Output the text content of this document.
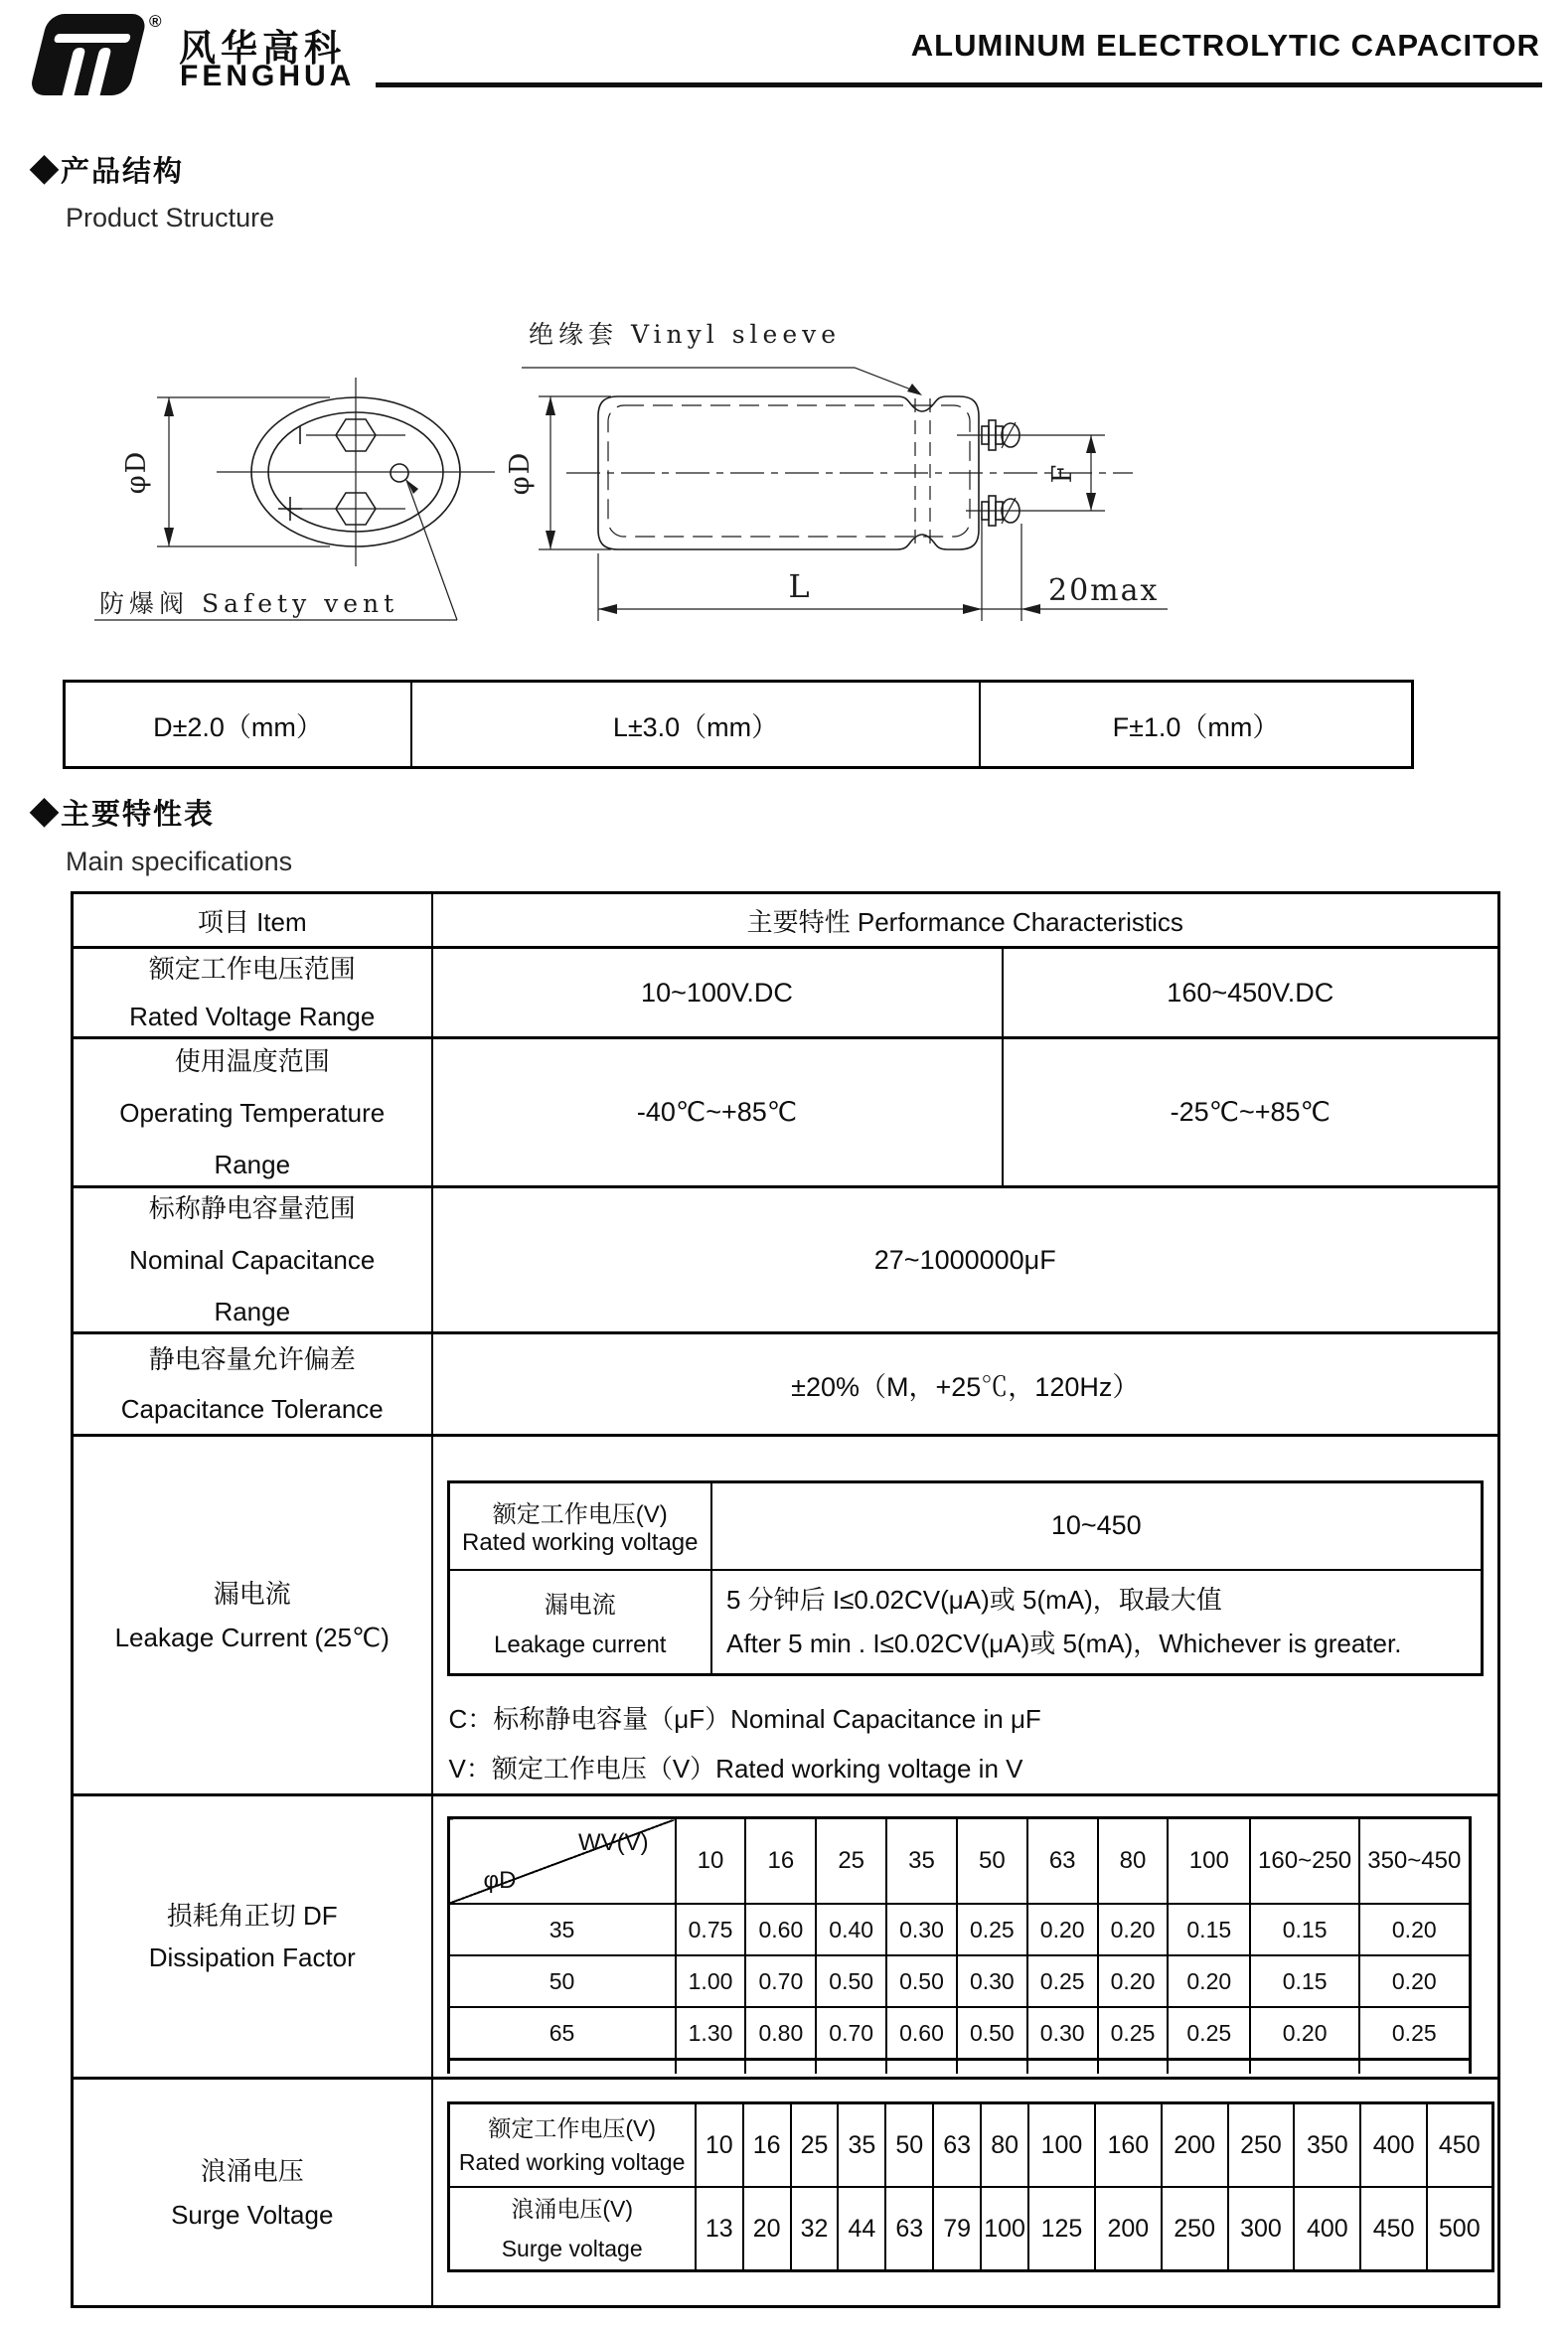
®
风华高科
FENGHUA
ALUMINUM ELECTROLYTIC CAPACITOR
◆产品结构
Product Structure
φD
绝缘套 Vinyl sleeve
φD	F
L	20max
防爆阀 Safety vent
D±2.0（mm）	L±3.0（mm）	F±1.0（mm）
◆主要特性表
Main specifications
项目 Item	主要特性 Performance Characteristics

额定工作电压范围
Rated Voltage Range
	10~100V.DC	160~450V.DC

使用温度范围
Operating Temperature
Range
	-40℃~+85℃	-25℃~+85℃

标称静电容量范围
Nominal Capacitance
Range
	27~1000000μF

静电容量允许偏差
Capacitance Tolerance
	±20%（M，+25℃，120Hz）

漏电流
Leakage Current (25℃)

额定工作电压(V)
Rated working voltage
	10~450

漏电流
Leakage current

5 分钟后 I≤0.02CV(μA)或 5(mA)，取最大值
After 5 min . I≤0.02CV(μA)或 5(mA)，Whichever is greater.
C：标称静电容量（μF）Nominal Capacitance in μF
V：额定工作电压（V）Rated working voltage in V

损耗角正切 DF
Dissipation Factor

WV(V)
φD
	10	16	25	35	50	63	80	100	160~250	350~450
35	0.75	0.60	0.40	0.30	0.25	0.20	0.20	0.15	0.15	0.20
50	1.00	0.70	0.50	0.50	0.30	0.25	0.20	0.20	0.15	0.20
65	1.30	0.80	0.70	0.60	0.50	0.30	0.25	0.25	0.20	0.25

浪涌电压
Surge Voltage

额定工作电压(V)
Rated working voltage
	10	16	25	35	50	63	80	100	160	200	250	350	400	450

浪涌电压(V)
Surge voltage
	13	20	32	44	63	79	100	125	200	250	300	400	450	500
